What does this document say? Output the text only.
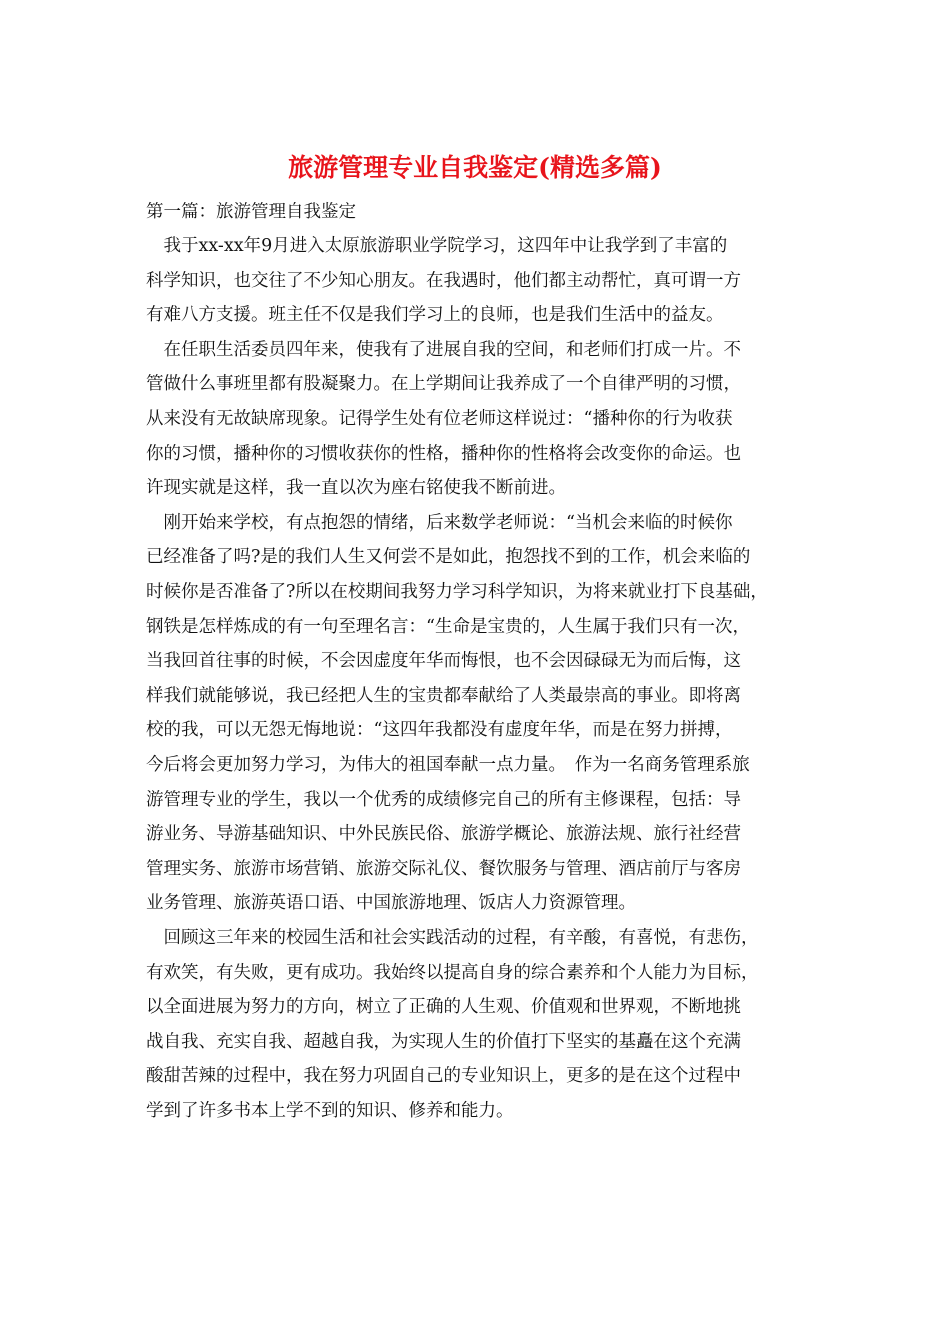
旅游管理专业自我鉴定(精选多篇)

第一篇：旅游管理自我鉴定

　我于xx-xx年9月进入太原旅游职业学院学习，这四年中让我学到了丰富的

科学知识，也交往了不少知心朋友。在我遇时，他们都主动帮忙，真可谓一方

有难八方支援。班主任不仅是我们学习上的良师，也是我们生活中的益友。

　在任职生活委员四年来，使我有了进展自我的空间，和老师们打成一片。不

管做什么事班里都有股凝聚力。在上学期间让我养成了一个自律严明的习惯，

从来没有无故缺席现象。记得学生处有位老师这样说过：“播种你的行为收获

你的习惯，播种你的习惯收获你的性格，播种你的性格将会改变你的命运。也

许现实就是这样，我一直以次为座右铭使我不断前进。

　刚开始来学校，有点抱怨的情绪，后来数学老师说：“当机会来临的时候你

已经准备了吗?是的我们人生又何尝不是如此，抱怨找不到的工作，机会来临的

时候你是否准备了?所以在校期间我努力学习科学知识，为将来就业打下良基础，

钢铁是怎样炼成的有一句至理名言：“生命是宝贵的，人生属于我们只有一次，

当我回首往事的时候，不会因虚度年华而悔恨，也不会因碌碌无为而后悔，这

样我们就能够说，我已经把人生的宝贵都奉献给了人类最崇高的事业。即将离

校的我，可以无怨无悔地说：“这四年我都没有虚度年华，而是在努力拼搏，

今后将会更加努力学习，为伟大的祖国奉献一点力量。　作为一名商务管理系旅

游管理专业的学生，我以一个优秀的成绩修完自己的所有主修课程，包括：导

游业务、导游基础知识、中外民族民俗、旅游学概论、旅游法规、旅行社经营

管理实务、旅游市场营销、旅游交际礼仪、餐饮服务与管理、酒店前厅与客房

业务管理、旅游英语口语、中国旅游地理、饭店人力资源管理。

　回顾这三年来的校园生活和社会实践活动的过程，有辛酸，有喜悦，有悲伤，

有欢笑，有失败，更有成功。我始终以提高自身的综合素养和个人能力为目标，

以全面进展为努力的方向，树立了正确的人生观、价值观和世界观，不断地挑

战自我、充实自我、超越自我，为实现人生的价值打下坚实的基矗在这个充满

酸甜苦辣的过程中，我在努力巩固自己的专业知识上，更多的是在这个过程中

学到了许多书本上学不到的知识、修养和能力。
